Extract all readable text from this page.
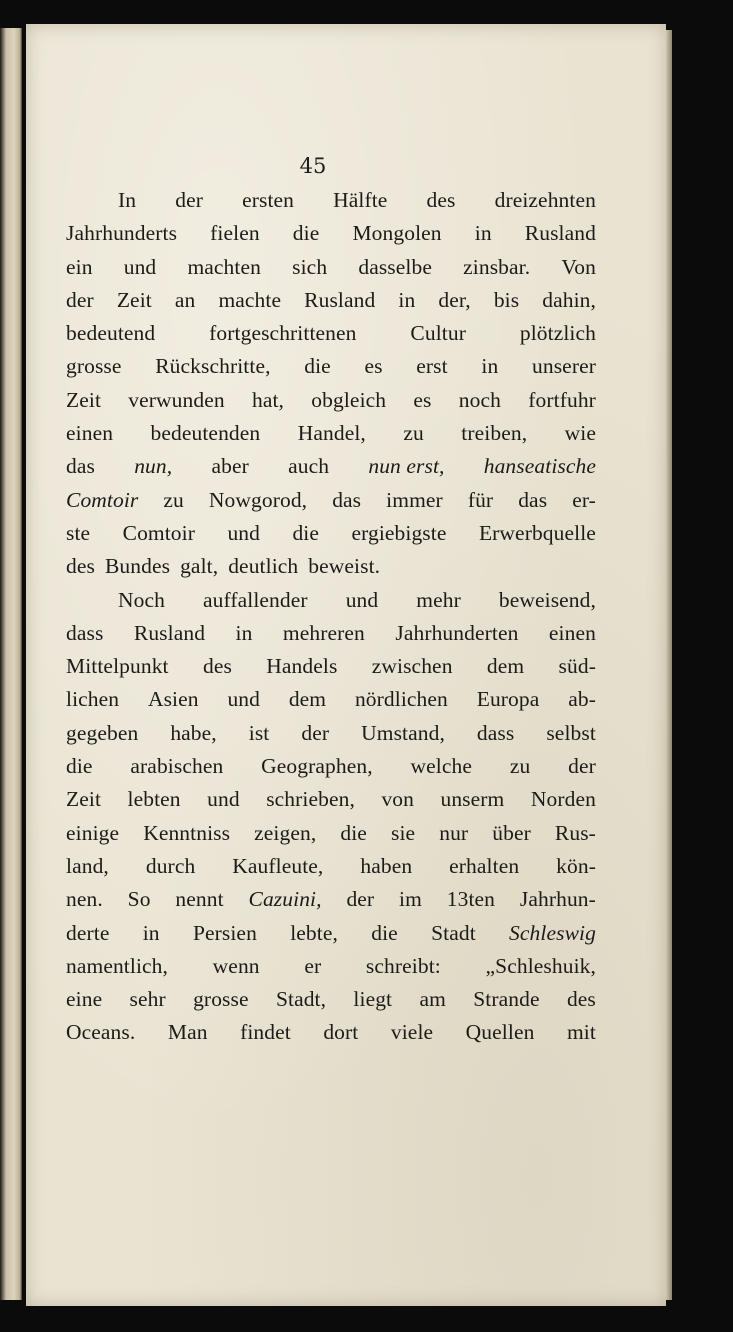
45
In der ersten Hälfte des dreizehnten
Jahrhunderts fielen die Mongolen in Rusland
ein und machten sich dasselbe zinsbar. Von
der Zeit an machte Rusland in der, bis dahin,
bedeutend	fortgeschrittenen	Cultur	plötzlich
grosse Rückschritte, die es erst in unserer
Zeit verwunden hat, obgleich es noch fortfuhr
einen bedeutenden Handel, zu treiben, wie
das nun, aber auch nun erst, hanseatische
Comtoir zu Nowgorod, das immer für das er-
ste Comtoir und die ergiebigste Erwerbquelle
des Bundes galt, deutlich beweist.
Noch auffallender und mehr beweisend,
dass Rusland in mehreren Jahrhunderten einen
Mittelpunkt des Handels zwischen dem süd-
lichen Asien und dem nördlichen Europa ab-
gegeben habe, ist der Umstand, dass selbst
die arabischen Geographen, welche zu der
Zeit lebten und schrieben, von unserm Norden
einige Kenntniss zeigen, die sie nur über Rus-
land, durch Kaufleute, haben erhalten kön-
nen. So nennt Cazuini, der im 13ten Jahrhun-
derte in Persien lebte, die Stadt Schleswig
namentlich, wenn er schreibt: „Schleshuik,
eine sehr grosse Stadt, liegt am Strande des
Oceans. Man findet dort viele Quellen mit
